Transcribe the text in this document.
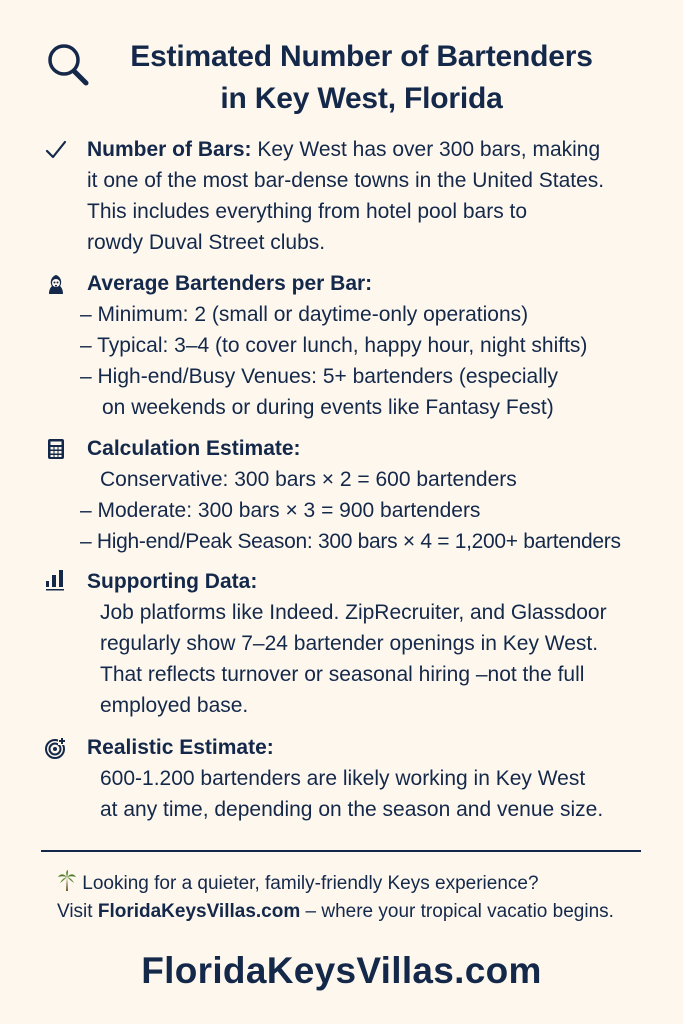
Estimated Number of Bartenders
in Key West, Florida
Number of Bars: Key West has over 300 bars, making
it one of the most bar-dense towns in the United States.
This includes everything from hotel pool bars to
rowdy Duval Street clubs.
Average Bartenders per Bar:
– Minimum: 2 (small or daytime-only operations)
– Typical: 3–4 (to cover lunch, happy hour, night shifts)
– High-end/Busy Venues: 5+ bartenders (especially
on weekends or during events like Fantasy Fest)
Calculation Estimate:
Conservative: 300 bars × 2 = 600 bartenders
– Moderate: 300 bars × 3 = 900 bartenders
– High-end/Peak Season: 300 bars × 4 = 1,200+ bartenders
Supporting Data:
Job platforms like Indeed. ZipRecruiter, and Glassdoor
regularly show 7–24 bartender openings in Key West.
That reflects turnover or seasonal hiring –not the full
employed base.
Realistic Estimate:
600-1.200 bartenders are likely working in Key West
at any time, depending on the season and venue size.
Looking for a quieter, family-friendly Keys experience?
Visit FloridaKeysVillas.com – where your tropical vacatio begins.
FloridaKeysVillas.com
